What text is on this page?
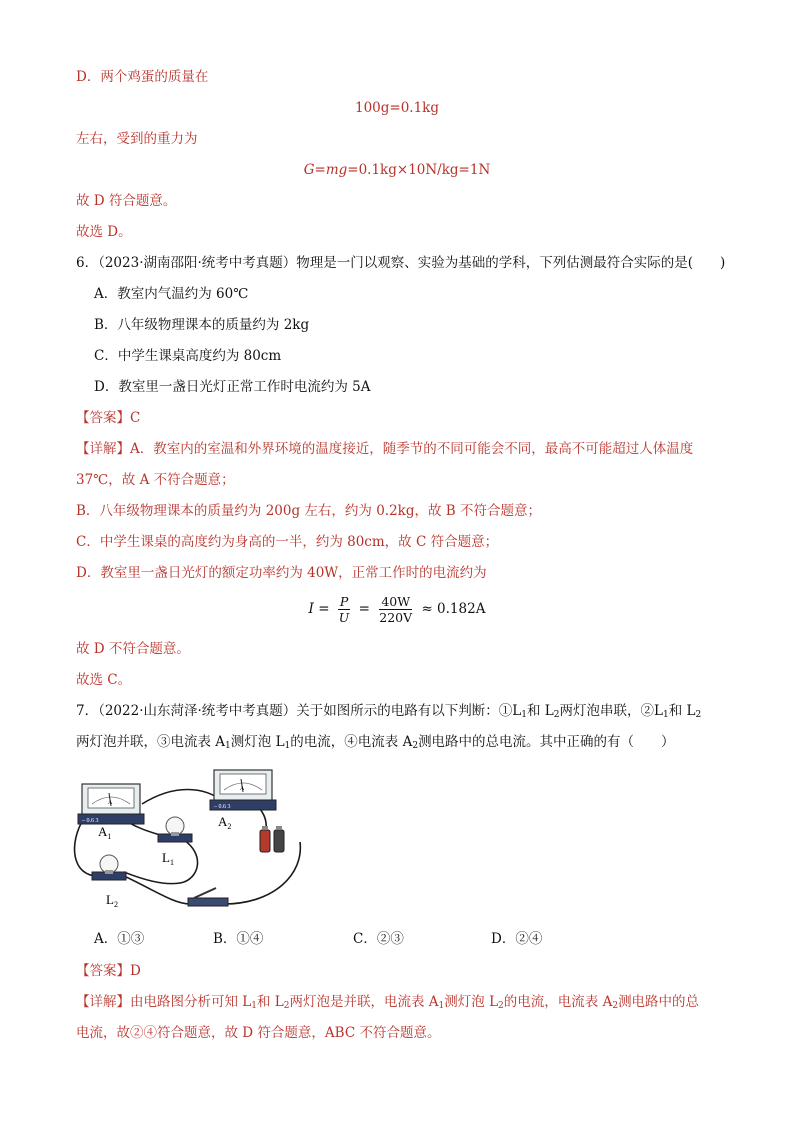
D．两个鸡蛋的质量在
100g=0.1kg
左右，受到的重力为
G=mg=0.1kg×10N/kg=1N
故 D 符合题意。
故选 D。
6．（2023·湖南邵阳·统考中考真题）物理是一门以观察、实验为基础的学科，下列估测最符合实际的是(　　)
A．教室内气温约为 60℃
B．八年级物理课本的质量约为 2kg
C．中学生课桌高度约为 80cm
D．教室里一盏日光灯正常工作时电流约为 5A
【答案】C
【详解】A．教室内的室温和外界环境的温度接近，随季节的不同可能会不同，最高不可能超过人体温度
37℃，故 A 不符合题意；
B．八年级物理课本的质量约为 200g 左右，约为 0.2kg，故 B 不符合题意；
C．中学生课桌的高度约为身高的一半，约为 80cm，故 C 符合题意；
D．教室里一盏日光灯的额定功率约为 40W，正常工作时的电流约为
$I = \frac{P}{U} = \frac{40W}{220V} \approx 0.182A$
故 D 不符合题意。
故选 C。
7．（2022·山东菏泽·统考中考真题）关于如图所示的电路有以下判断：$①L_1$和 $L_2$两灯泡串联，$②L_1$和 $L_2$
两灯泡并联，③电流表 $A_1$测灯泡 $L_1$的电流，④电流表 $A_2$测电路中的总电流。其中正确的有（　　）
A
– 0.6 3
$A_1$
A
– 0.6 3
$A_2$
$L_1$
$L_2$
A．①③	B．①④	C．②③	D．②④
【答案】D
【详解】由电路图分析可知 $L_1$和 $L_2$两灯泡是并联，电流表 $A_1$测灯泡 $L_2$的电流，电流表 $A_2$测电路中的总
电流，故②④符合题意，故 D 符合题意，ABC 不符合题意。
